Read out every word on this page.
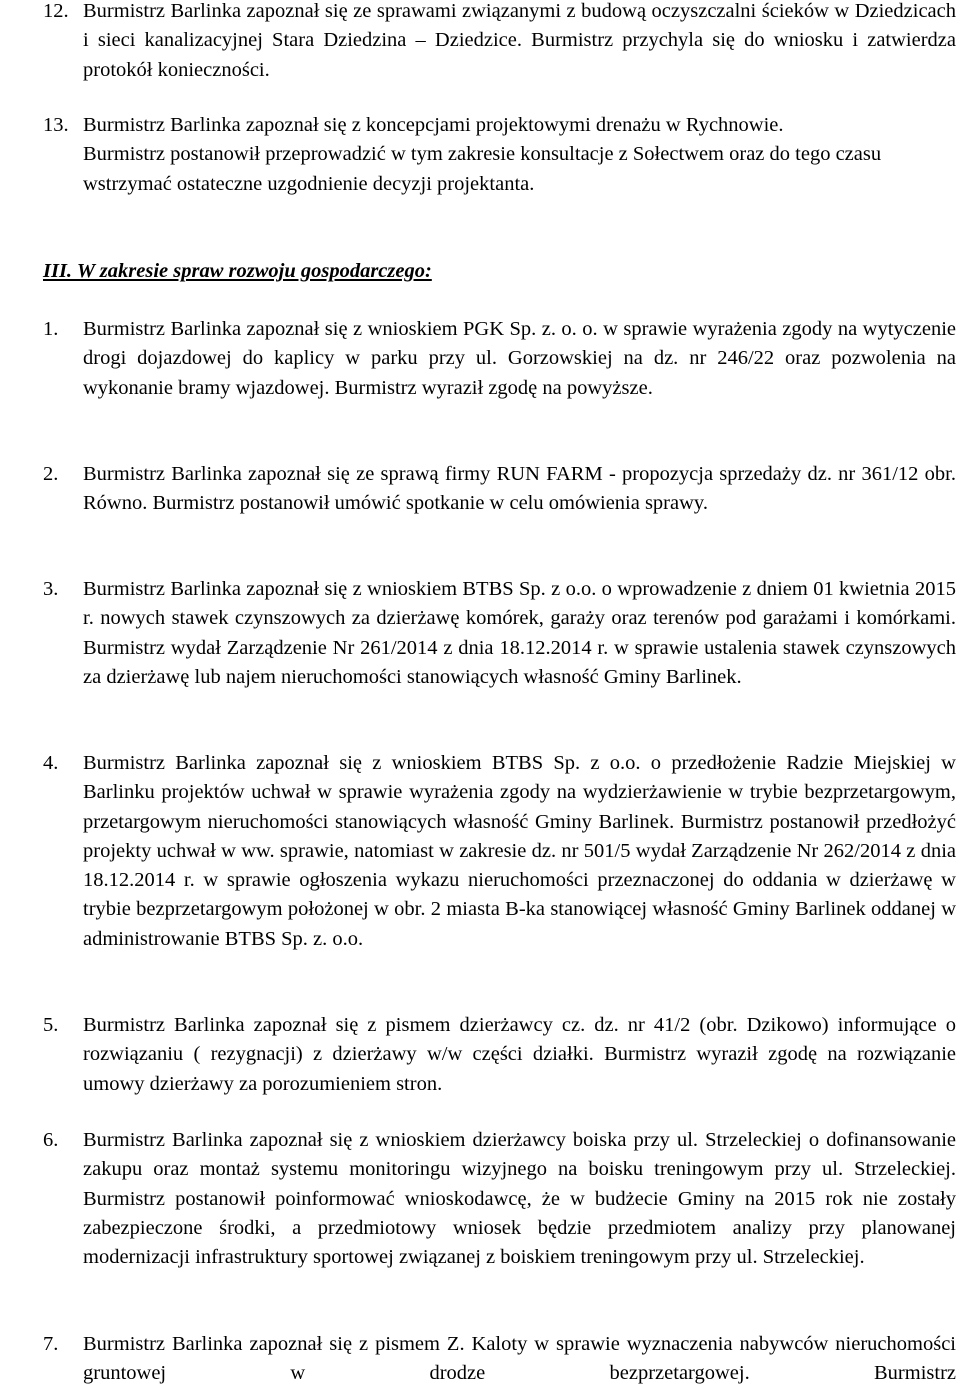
12. Burmistrz Barlinka zapoznał się ze sprawami związanymi z budową oczyszczalni ścieków w Dziedzicach i sieci kanalizacyjnej Stara Dziedzina – Dziedzice. Burmistrz przychyla się do wniosku i zatwierdza protokół konieczności.
13. Burmistrz Barlinka zapoznał się z koncepcjami projektowymi drenażu w Rychnowie.
Burmistrz postanowił przeprowadzić w tym zakresie konsultacje z Sołectwem oraz do tego czasu wstrzymać ostateczne uzgodnienie decyzji projektanta.
III. W zakresie spraw rozwoju gospodarczego:
1.	Burmistrz Barlinka zapoznał się z wnioskiem PGK Sp. z. o. o. w sprawie wyrażenia zgody na wytyczenie drogi dojazdowej do kaplicy w parku przy ul. Gorzowskiej na dz. nr 246/22 oraz pozwolenia na wykonanie bramy wjazdowej. Burmistrz wyraził zgodę na powyższe.
2.	Burmistrz Barlinka zapoznał się ze sprawą firmy RUN FARM - propozycja sprzedaży dz. nr 361/12 obr. Równo. Burmistrz postanowił umówić spotkanie w celu omówienia sprawy.
3.	Burmistrz Barlinka zapoznał się z wnioskiem BTBS Sp. z o.o. o wprowadzenie z dniem 01 kwietnia 2015 r. nowych stawek czynszowych za dzierżawę komórek, garaży oraz terenów pod garażami i komórkami. Burmistrz wydał Zarządzenie Nr 261/2014 z dnia 18.12.2014 r. w sprawie ustalenia stawek czynszowych za dzierżawę lub najem nieruchomości stanowiących własność Gminy Barlinek.
4.	Burmistrz Barlinka zapoznał się z wnioskiem BTBS Sp. z o.o. o przedłożenie Radzie Miejskiej w Barlinku projektów uchwał w sprawie wyrażenia zgody na wydzierżawienie w trybie bezprzetargowym, przetargowym nieruchomości stanowiących własność Gminy Barlinek. Burmistrz postanowił przedłożyć projekty uchwał w ww. sprawie, natomiast w zakresie dz. nr 501/5 wydał Zarządzenie Nr 262/2014 z dnia 18.12.2014 r. w sprawie ogłoszenia wykazu nieruchomości przeznaczonej do oddania w dzierżawę w trybie bezprzetargowym położonej w obr. 2 miasta B-ka stanowiącej własność Gminy Barlinek oddanej w administrowanie BTBS Sp. z. o.o.
5.	Burmistrz Barlinka zapoznał się z pismem dzierżawcy cz. dz. nr 41/2 (obr. Dzikowo) informujące o rozwiązaniu ( rezygnacji) z dzierżawy w/w części działki. Burmistrz wyraził zgodę na rozwiązanie umowy dzierżawy za porozumieniem stron.
6.	Burmistrz Barlinka zapoznał się z wnioskiem dzierżawcy boiska przy ul. Strzeleckiej o dofinansowanie zakupu oraz montaż systemu monitoringu wizyjnego na boisku treningowym przy ul. Strzeleckiej. Burmistrz postanowił poinformować wnioskodawcę, że w budżecie Gminy na 2015 rok nie zostały zabezpieczone środki, a przedmiotowy wniosek będzie przedmiotem analizy przy planowanej modernizacji infrastruktury sportowej związanej z boiskiem treningowym przy ul. Strzeleckiej.
7.	Burmistrz Barlinka zapoznał się z pismem Z. Kaloty w sprawie wyznaczenia nabywców nieruchomości gruntowej w drodze bezprzetargowej. Burmistrz
